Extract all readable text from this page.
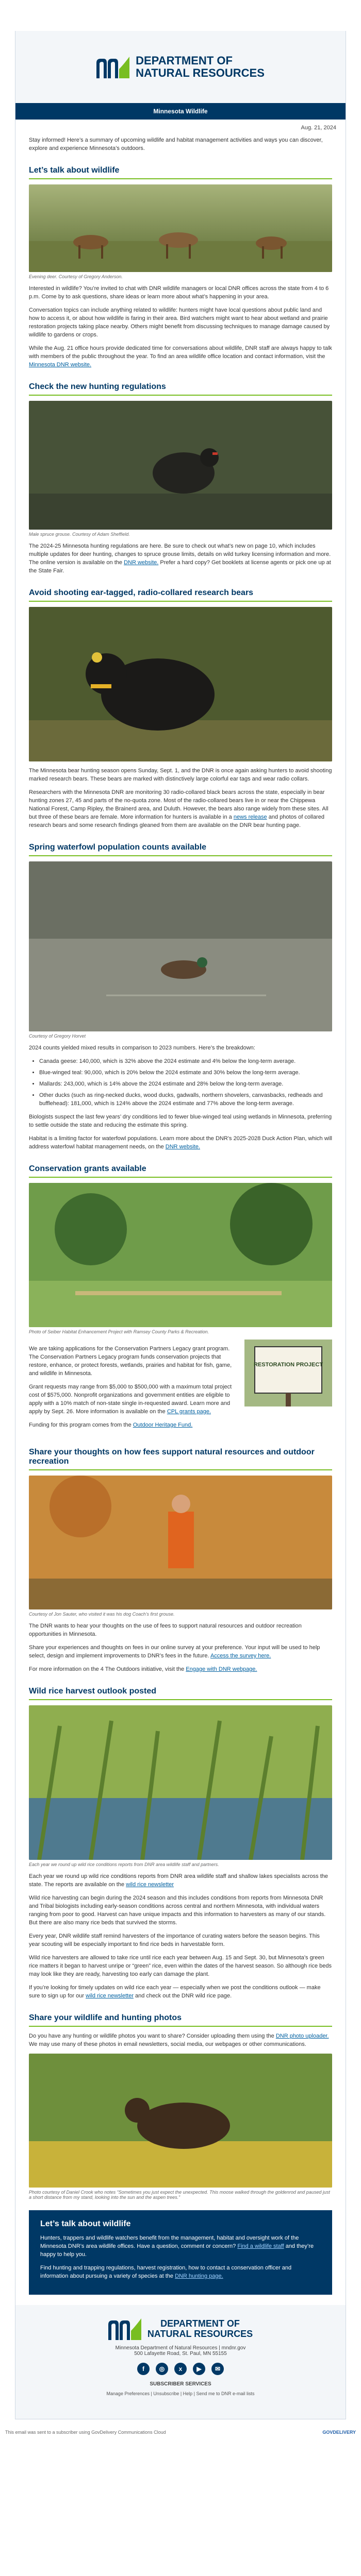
DEPARTMENT OF
NATURAL RESOURCES
Minnesota Wildlife
Aug. 21, 2024

Stay informed! Here’s a summary of upcoming wildlife and habitat management activities and ways you can discover, explore and experience Minnesota’s outdoors.

Let’s talk about wildlife
Evening deer. Courtesy of Gregory Anderson.

Interested in wildlife? You’re invited to chat with DNR wildlife managers or local DNR offices across the state from 4 to 6 p.m. Come by to ask questions, share ideas or learn more about what’s happening in your area.

Conversation topics can include anything related to wildlife: hunters might have local questions about public land and how to access it, or about how wildlife is faring in their area. Bird watchers might want to hear about wetland and prairie restoration projects taking place nearby. Others might benefit from discussing techniques to manage damage caused by wildlife to gardens or crops.

While the Aug. 21 office hours provide dedicated time for conversations about wildlife, DNR staff are always happy to talk with members of the public throughout the year. To find an area wildlife office location and contact information, visit the Minnesota DNR website.

Check the new hunting regulations
Male spruce grouse. Courtesy of Adam Sheffield.

The 2024-25 Minnesota hunting regulations are here. Be sure to check out what’s new on page 10, which includes multiple updates for deer hunting, changes to spruce grouse limits, details on wild turkey licensing information and more. The online version is available on the DNR website. Prefer a hard copy? Get booklets at license agents or pick one up at the State Fair.

Avoid shooting ear-tagged, radio-collared research bears

The Minnesota bear hunting season opens Sunday, Sept. 1, and the DNR is once again asking hunters to avoid shooting marked research bears. These bears are marked with distinctively large colorful ear tags and wear radio collars.

Researchers with the Minnesota DNR are monitoring 30 radio-collared black bears across the state, especially in bear hunting zones 27, 45 and parts of the no-quota zone. Most of the radio-collared bears live in or near the Chippewa National Forest, Camp Ripley, the Brainerd area, and Duluth. However, the bears also range widely from these sites. All but three of these bears are female. More information for hunters is available in a news release and photos of collared research bears and some research findings gleaned from them are available on the DNR bear hunting page.

Spring waterfowl population counts available
Courtesy of Gregory Horvet

2024 counts yielded mixed results in comparison to 2023 numbers. Here’s the breakdown:

• Canada geese: 140,000, which is 32% above the 2024 estimate and 4% below the long-term average.
• Blue-winged teal: 90,000, which is 20% below the 2024 estimate and 30% below the long-term average.
• Mallards: 243,000, which is 14% above the 2024 estimate and 28% below the long-term average.
• Other ducks (such as ring-necked ducks, wood ducks, gadwalls, northern shovelers, canvasbacks, redheads and bufflehead): 181,000, which is 124% above the 2024 estimate and 77% above the long-term average.

Biologists suspect the last few years’ dry conditions led to fewer blue-winged teal using wetlands in Minnesota, preferring to settle outside the state and reducing the estimate this spring.

Habitat is a limiting factor for waterfowl populations. Learn more about the DNR’s 2025-2028 Duck Action Plan, which will address waterfowl habitat management needs, on the DNR website.

Conservation grants available
Photo of Seiber Habitat Enhancement Project with Ramsey County Parks & Recreation.

We are taking applications for the Conservation Partners Legacy grant program. The Conservation Partners Legacy program funds conservation projects that restore, enhance, or protect forests, wetlands, prairies and habitat for fish, game, and wildlife in Minnesota.

Grant requests may range from $5,000 to $500,000 with a maximum total project cost of $575,000. Nonprofit organizations and government entities are eligible to apply with a 10% match of non-state single in-requested award. Learn more and apply by Sept. 26. More information is available on the CPL grants page.

Funding for this program comes from the Outdoor Heritage Fund.

RESTORATION PROJECT
Share your thoughts on how fees support natural resources and outdoor recreation
Courtesy of Jon Sauter, who visited it was his dog Coach’s first grouse.

The DNR wants to hear your thoughts on the use of fees to support natural resources and outdoor recreation opportunities in Minnesota.

Share your experiences and thoughts on fees in our online survey at your preference. Your input will be used to help select, design and implement improvements to DNR’s fees in the future. Access the survey here.

For more information on the 4 The Outdoors initiative, visit the Engage with DNR webpage.

Wild rice harvest outlook posted
Each year we round up wild rice conditions reports from DNR area wildlife staff and partners.

Each year we round up wild rice conditions reports from DNR area wildlife staff and shallow lakes specialists across the state. The reports are available on the wild rice newsletter

Wild rice harvesting can begin during the 2024 season and this includes conditions from reports from Minnesota DNR and Tribal biologists including early-season conditions across central and northern Minnesota, with individual waters ranging from poor to good. Harvest can have unique impacts and this information to harvesters as many of our stands. But there are also many rice beds that survived the storms.

Every year, DNR wildlife staff remind harvesters of the importance of curating waters before the season begins. This year scouting will be especially important to find rice beds in harvestable form.

Wild rice harvesters are allowed to take rice until rice each year between Aug. 15 and Sept. 30, but Minnesota’s green rice matters it began to harvest unripe or “green” rice, even within the dates of the harvest season. So although rice beds may look like they are ready, harvesting too early can damage the plant.

If you’re looking for timely updates on wild rice each year — especially when we post the conditions outlook — make sure to sign up for our wild rice newsletter and check out the DNR wild rice page.

Share your wildlife and hunting photos

Do you have any hunting or wildlife photos you want to share? Consider uploading them using the DNR photo uploader. We may use many of these photos in email newsletters, social media, our webpages or other communications.

Photo courtesy of Daniel Crook who notes “Sometimes you just expect the unexpected. This moose walked through the goldenrod and paused just a short distance from my stand, looking into the sun and the aspen trees.”
Let’s talk about wildlife

Hunters, trappers and wildlife watchers benefit from the management, habitat and oversight work of the Minnesota DNR’s area wildlife offices. Have a question, comment or concern? Find a wildlife staff and they’re happy to help you.

Find hunting and trapping regulations, harvest registration, how to contact a conservation officer and information about pursuing a variety of species at the DNR hunting page.

DEPARTMENT OF
NATURAL RESOURCES
Minnesota Department of Natural Resources | mndnr.gov
500 Lafayette Road, St. Paul, MN 55155
f	◎	x	▶	✉
SUBSCRIBER SERVICES
Manage Preferences | Unsubscribe | Help | Send me to DNR e-mail lists
This email was sent to a subscriber using GovDelivery Communications Cloud	GOVDELIVERY
